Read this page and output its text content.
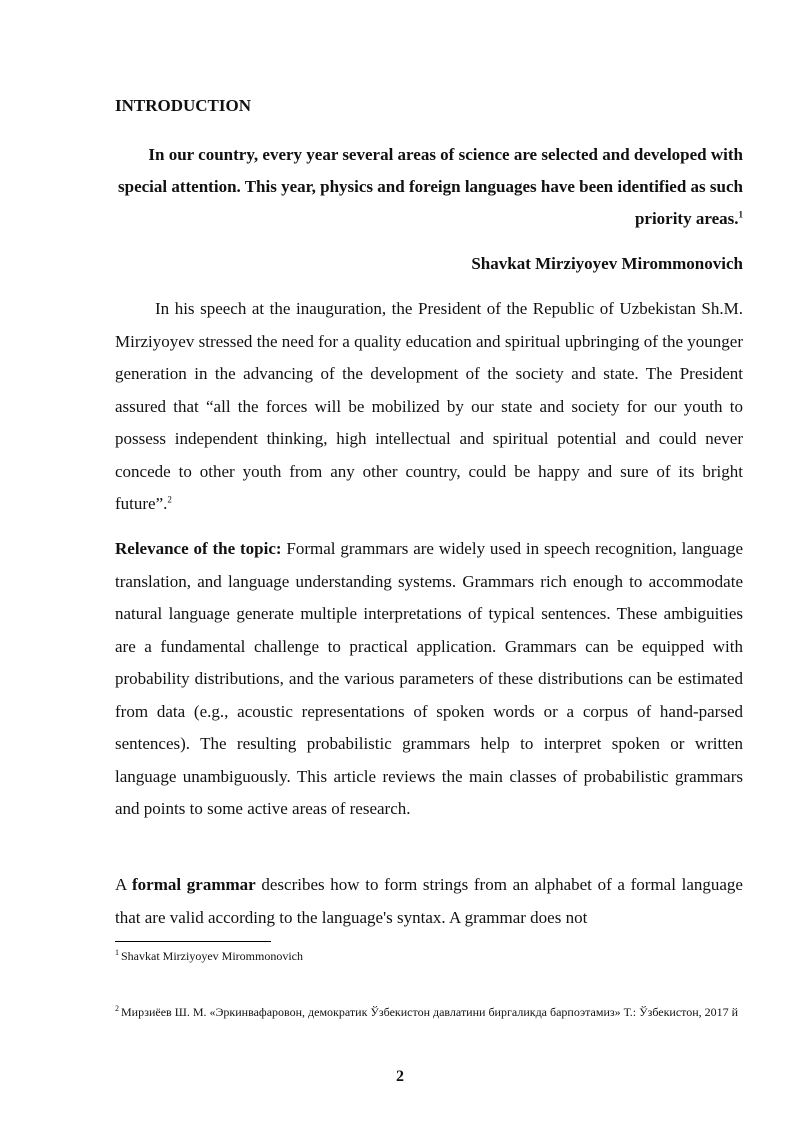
INTRODUCTION

In our country, every year several areas of science are selected and developed with special attention. This year, physics and foreign languages have been identified as such priority areas.$^1$

Shavkat Mirziyoyev Mirommonovich

In his speech at the inauguration, the President of the Republic of Uzbekistan Sh.M. Mirziyoyev stressed the need for a quality education and spiritual upbringing of the younger generation in the advancing of the development of the society and state. The President assured that “all the forces will be mobilized by our state and society for our youth to possess independent thinking, high intellectual and spiritual potential and could never concede to other youth from any other country, could be happy and sure of its bright future”.$^2$

Relevance of the topic: Formal grammars are widely used in speech recognition, language translation, and language understanding systems. Grammars rich enough to accommodate natural language generate multiple interpretations of typical sentences. These ambiguities are a fundamental challenge to practical application. Grammars can be equipped with probability distributions, and the various parameters of these distributions can be estimated from data (e.g., acoustic representations of spoken words or a corpus of hand-parsed sentences). The resulting probabilistic grammars help to interpret spoken or written language unambiguously. This article reviews the main classes of probabilistic grammars and points to some active areas of research.

A formal grammar describes how to form strings from an alphabet of a formal language that are valid according to the language's syntax. A grammar does not

$^1$ Shavkat Mirziyoyev Mirommonovich

$^2$ Мирзиёев Ш. М. «Эркинвафаровон, демократик Ўзбекистон давлатини биргаликда барпоэтамиз» Т.: Ўзбекистон, 2017 й

2
